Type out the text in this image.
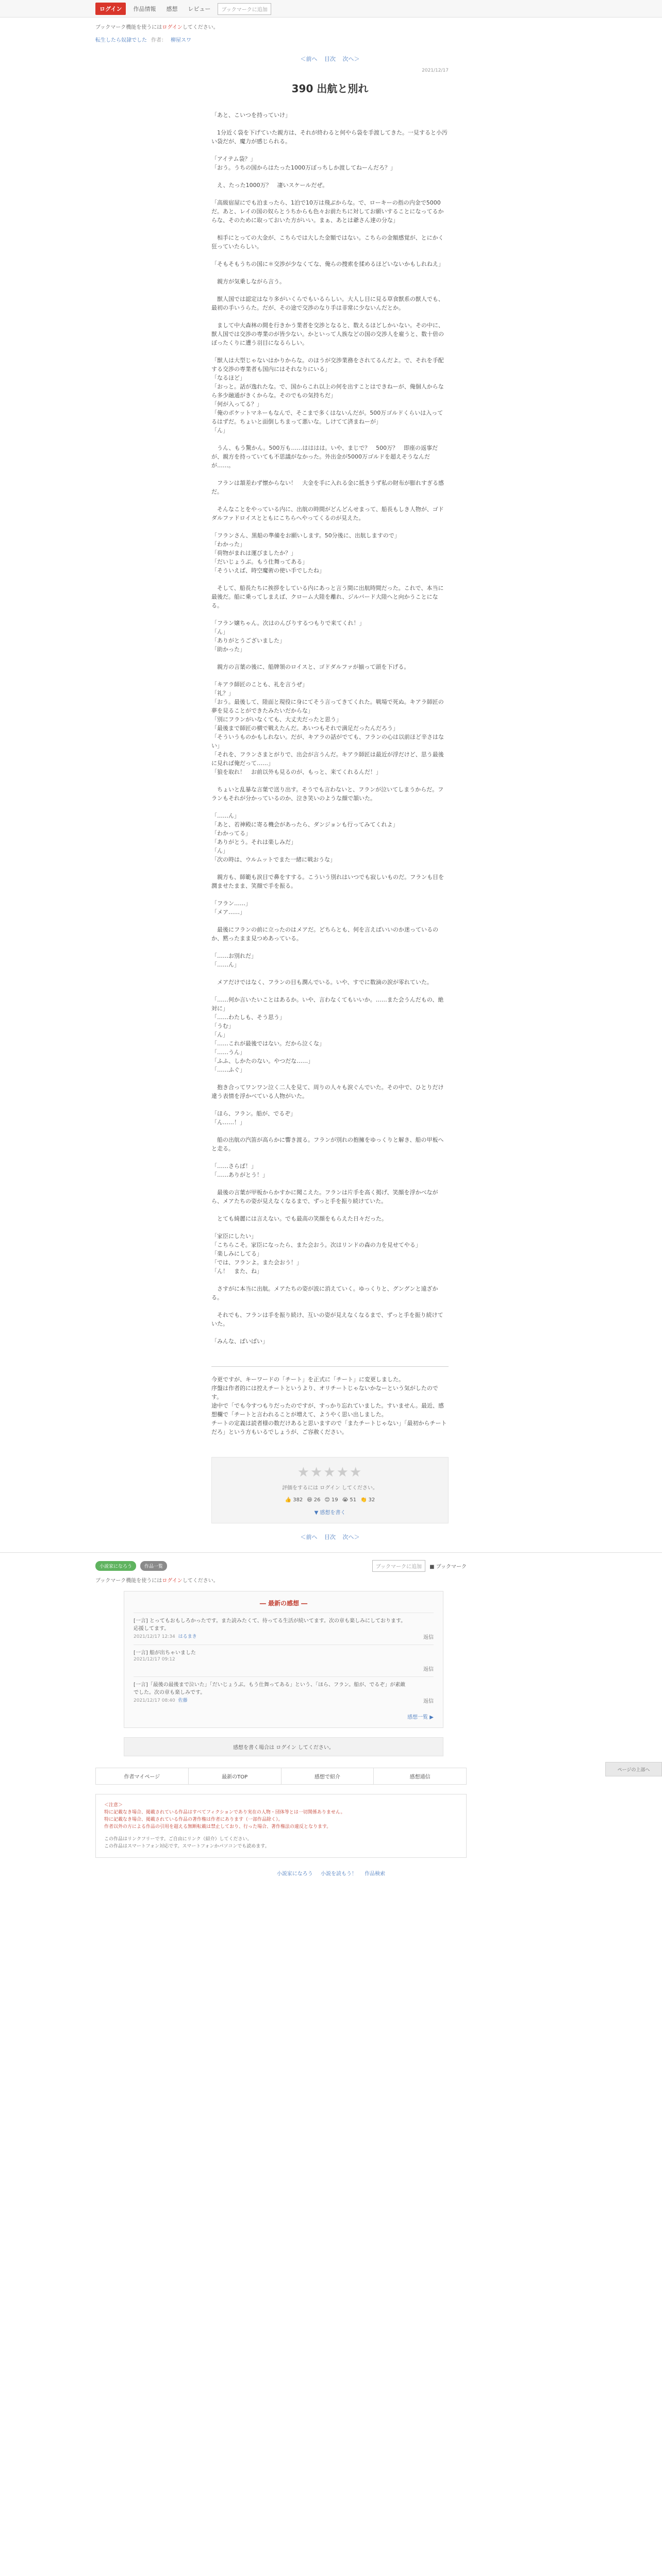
ログイン	作品情報	感想	レビュー	ブックマークに追加
ブックマーク機能を使うにはログインしてください。
転生したら奴隷でした 作者： 柳屋スワ
＜前へ 目次 次へ＞
2021/12/17
390 出航と別れ

「あと、こいつを持っていけ」

　1分近く袋を下げていた親方は、それが終わると何やら袋を手渡してきた。一見すると小汚い袋だが、魔力が感じられる。

「アイテム袋？」
「おう。うちの国からはたった1000万ぽっちしか渡してねーんだろ？」

　え、たった1000万？　凄いスケールだぜ。

「高級宿屋にでも泊まったら、1泊で10万は飛ぶからな。で、ローキーの指の内金で5000だ。あと、レイの国の奴らとうちからも色々お前たちに対してお願いすることになってるからな、そのために取っておいた方がいい。まぁ、あとは爺さん達の分な」

　相手にとっての大金が、こちらでは大した金額ではない。こちらの金額感覚が、とにかく狂っていたらしい。

「そもそもうちの国に＊交渉が少なくてな、俺らの捜索を揉めるほどいないかもしれねえ」

　親方が気乗しながら言う。

　獣人国では認定はなり多がいくらでもいるらしい。大人し目に見る草食獣系の獣人でも、最初の手いうらた。だが、その途で交渉のなり手は非常に少ないんだとか。

　まして中大森林の間を行きかう業者を交渉となると、数えるほどしかいない。その中に、獣人国では交渉の専業のが皆少ない。かといって人族などの国の交渉人を雇うと、数十倍のぼったくりに遭う羽目になるらしい。

「獣人は大型じゃないはかりからな。のほうが交渉業務をされてるんだよ。で、それを手配する交渉の専業者も国内にはそれなりにいる」
「なるほど」
「おっと。話が逸れたな。で、国からこれ以上の何を出すことはできねーが、俺個人からなら多少融通がきくからな。そのでもの気持ちだ」
「何が入ってる？」
「俺のポケットマネーもなんで、そこまで多くはないんだが。500万ゴルドくらいは入ってるはずだ。ちょいと面倒しちまって悪いな。しけてて済まねーが」
「ん」

　うん、もう驚かん。500万も……はははは。いや、まじで？　500万？　即座の返事だが、親方を持っていても不思議がなかった。外出金が5000万ゴルドを超えそうなんだが……。

　フランは頷差わず懐からない！　大金を手に入れる金に抵きうず私の財布が膨れすぎる感だ。

　そんなことをやっている内に、出航の時間がどんどんせまって、船長もしき人物が、ゴドダルファドロイスとともにこちらへやってくるのが見えた。

「フランさん、黒船の準備をお願いします。50分後に、出航しますので」
「わかった」
「荷物がまれは運びましたか？」
「だいじょうぶ。もう仕舞ってある」
「そういえば、時空魔術の使い手でしたね」

　そして、船長たちに挨拶をしている内にあっと言う間に出航時間だった。これで、本当に最後だ。船に乗ってしまえば、クローム大陸を離れ、ジルバード大陸へと向かうことになる。

「フラン嬢ちゃん。次はのんびりするつもりで来てくれ！」
「ん」
「ありがとうございました」
「助かった」

　親方の言葉の後に、船牌領のロイスと、ゴドダルファが揃って頭を下げる。

「キアラ師匠のことも、礼を言うぜ」
「礼？」
「おう。最後して、陸面と現役に身にてそう言ってきてくれた。戦場で死ぬ。キアラ師匠の夢を見ることができたみたいだからな」
「別にフランがいなくても、大丈夫だったと思う」
「最後まで師匠の横で戦えたんだ。あいつもそれで満足だったんだろう」
「そういうものかもしれない。だが、キアラの話がでても、フランの心は以前ほど辛さはない」
「それを、フランさまとがりで、出会が言うんだ。キアラ師匠は最近が浮だけど、思う最後に見れば俺だって……」
「狼を取れ！　お前以外も見るのが、もっと、来てくれるんだ！」

　ちょいと乱暴な言葉で送り出す。そうでも言わないと、フランが泣いてしまうからだ。フランもそれが分かっているのか、泣き笑いのような顔で頷いた。

「……ん」
「あと、若神殿に寄る機会があったら、ダンジョンも行ってみてくれよ」
「わかってる」
「ありがとう。それは楽しみだ」
「ん」
「次の時は、ウルムットでまた一緒に戦おうな」

　親方も、師範も涙目で鼻をすする。こういう別れはいつでも寂しいものだ。フランも目を潤ませたまま、笑顔で手を振る。

「フラン……」
「メア……」

　最後にフランの前に立ったのはメアだ。どちらとも、何を言えばいいのか迷っているのか、黙ったまま見つめあっている。

「……お別れだ」
「……ん」

　メアだけではなく、フランの目も潤んでいる。いや、すでに数滴の涙が零れていた。

「……何か言いたいことはあるか。いや、言わなくてもいいか。……また会うんだもの、絶対に」
「……わたしも、そう思う」
「うむ」
「ん」
「……これが最後ではない。だから泣くな」
「……うん」
「ふふ、しかたのない。やつだな……」
「……ふぐ」

　抱き合ってワンワン泣く二人を見て、周りの人々も涙ぐんでいた。その中で、ひとりだけ違う表情を浮かべている人物がいた。

「ほら、フラン。船が、でるぞ」
「ん……！」

　船の出航の汽笛が高らかに響き渡る。フランが別れの抱擁をゆっくりと解き、船の甲板へと走る。

「……さらば！」
「……ありがとう！」

　最後の言葉が甲板からかすかに聞こえた。フランは片手を高く掲げ、笑顔を浮かべながら、メアたちの姿が見えなくなるまで、ずっと手を振り続けていた。

　とても綺麗には言えない。でも最高の笑顔をもらえた日々だった。

「家臣にしたい」
「こちらこそ。家臣になったら、また会おう。次はリンドの森の力を見せてやる」
「楽しみにしてる」
「では、フランよ。また会おう！」
「ん！　また、ね」

　さすがに本当に出航。メアたちの姿が波に消えていく。ゆっくりと、グングンと遠ざかる。

　それでも、フランは手を振り続け、互いの姿が見えなくなるまで、ずっと手を振り続けていた。

「みんな、ばいばい」

今更ですが、キーワードの「チート」を正式に「チート」に変更しました。
序盤は作者的には控えチートというより、オリチートじゃないかなーという気がしたのです。
途中で「でも今すつもりだったのですが、すっかり忘れていました。すいません。最近、感想欄で「チートと言われることが増えて、ようやく思い出しました。
チートの定義は読者様の数だけあると思いますので「またチートじゃない」「最初からチートだろ」という方もいるでしょうが、ご容赦ください。

★★★★★
評価をするには ログイン してください。
👍 382 😆 26 😊 19 😭 51 👏 32
▼ 感想を書く
＜前へ 目次 次へ＞
小説家になろう	作品一覧	ブックマークに追加	■ ブックマーク
ブックマーク機能を使うにはログインしてください。
― 最新の感想 ―
[一言] とってもおもしろかったです。また読みたくて、待ってる生活が続いてます。次の章も楽しみにしております。応援してます。
2021/12/17 12:34 はるまき	返信
[一言] 船が出ちゃいました
2021/12/17 09:12
返信
[一言]「最後の最後まで泣いた」「だいじょうぶ。もう仕舞ってある」という、「ほら、フラン。船が、でるぞ」が素敵でした。次の章も楽しみです。
2021/12/17 08:40 佐藤	返信
感想一覧 ▶
感想を書く場合は ログイン してください。
作者マイページ	最新のTOP	感想で紹介	感想通信
＜注意＞
特に記載なき場合、掲載されている作品はすべてフィクションであり実在の人物・団体等とは一切関係ありません。
特に記載なき場合、掲載されている作品の著作権は作者にあります（一部作品除く）。
作者以外の方による作品の引用を超える無断転載は禁止しており、行った場合、著作権法の違反となります。
この作品はリンクフリーです。ご自由にリンク（紹介）してください。
この作品はスマートフォン対応です。スマートフォンかパソコンでも読めます。
小説家になろう 小説を読もう！ 作品検索
ページの上部へ
